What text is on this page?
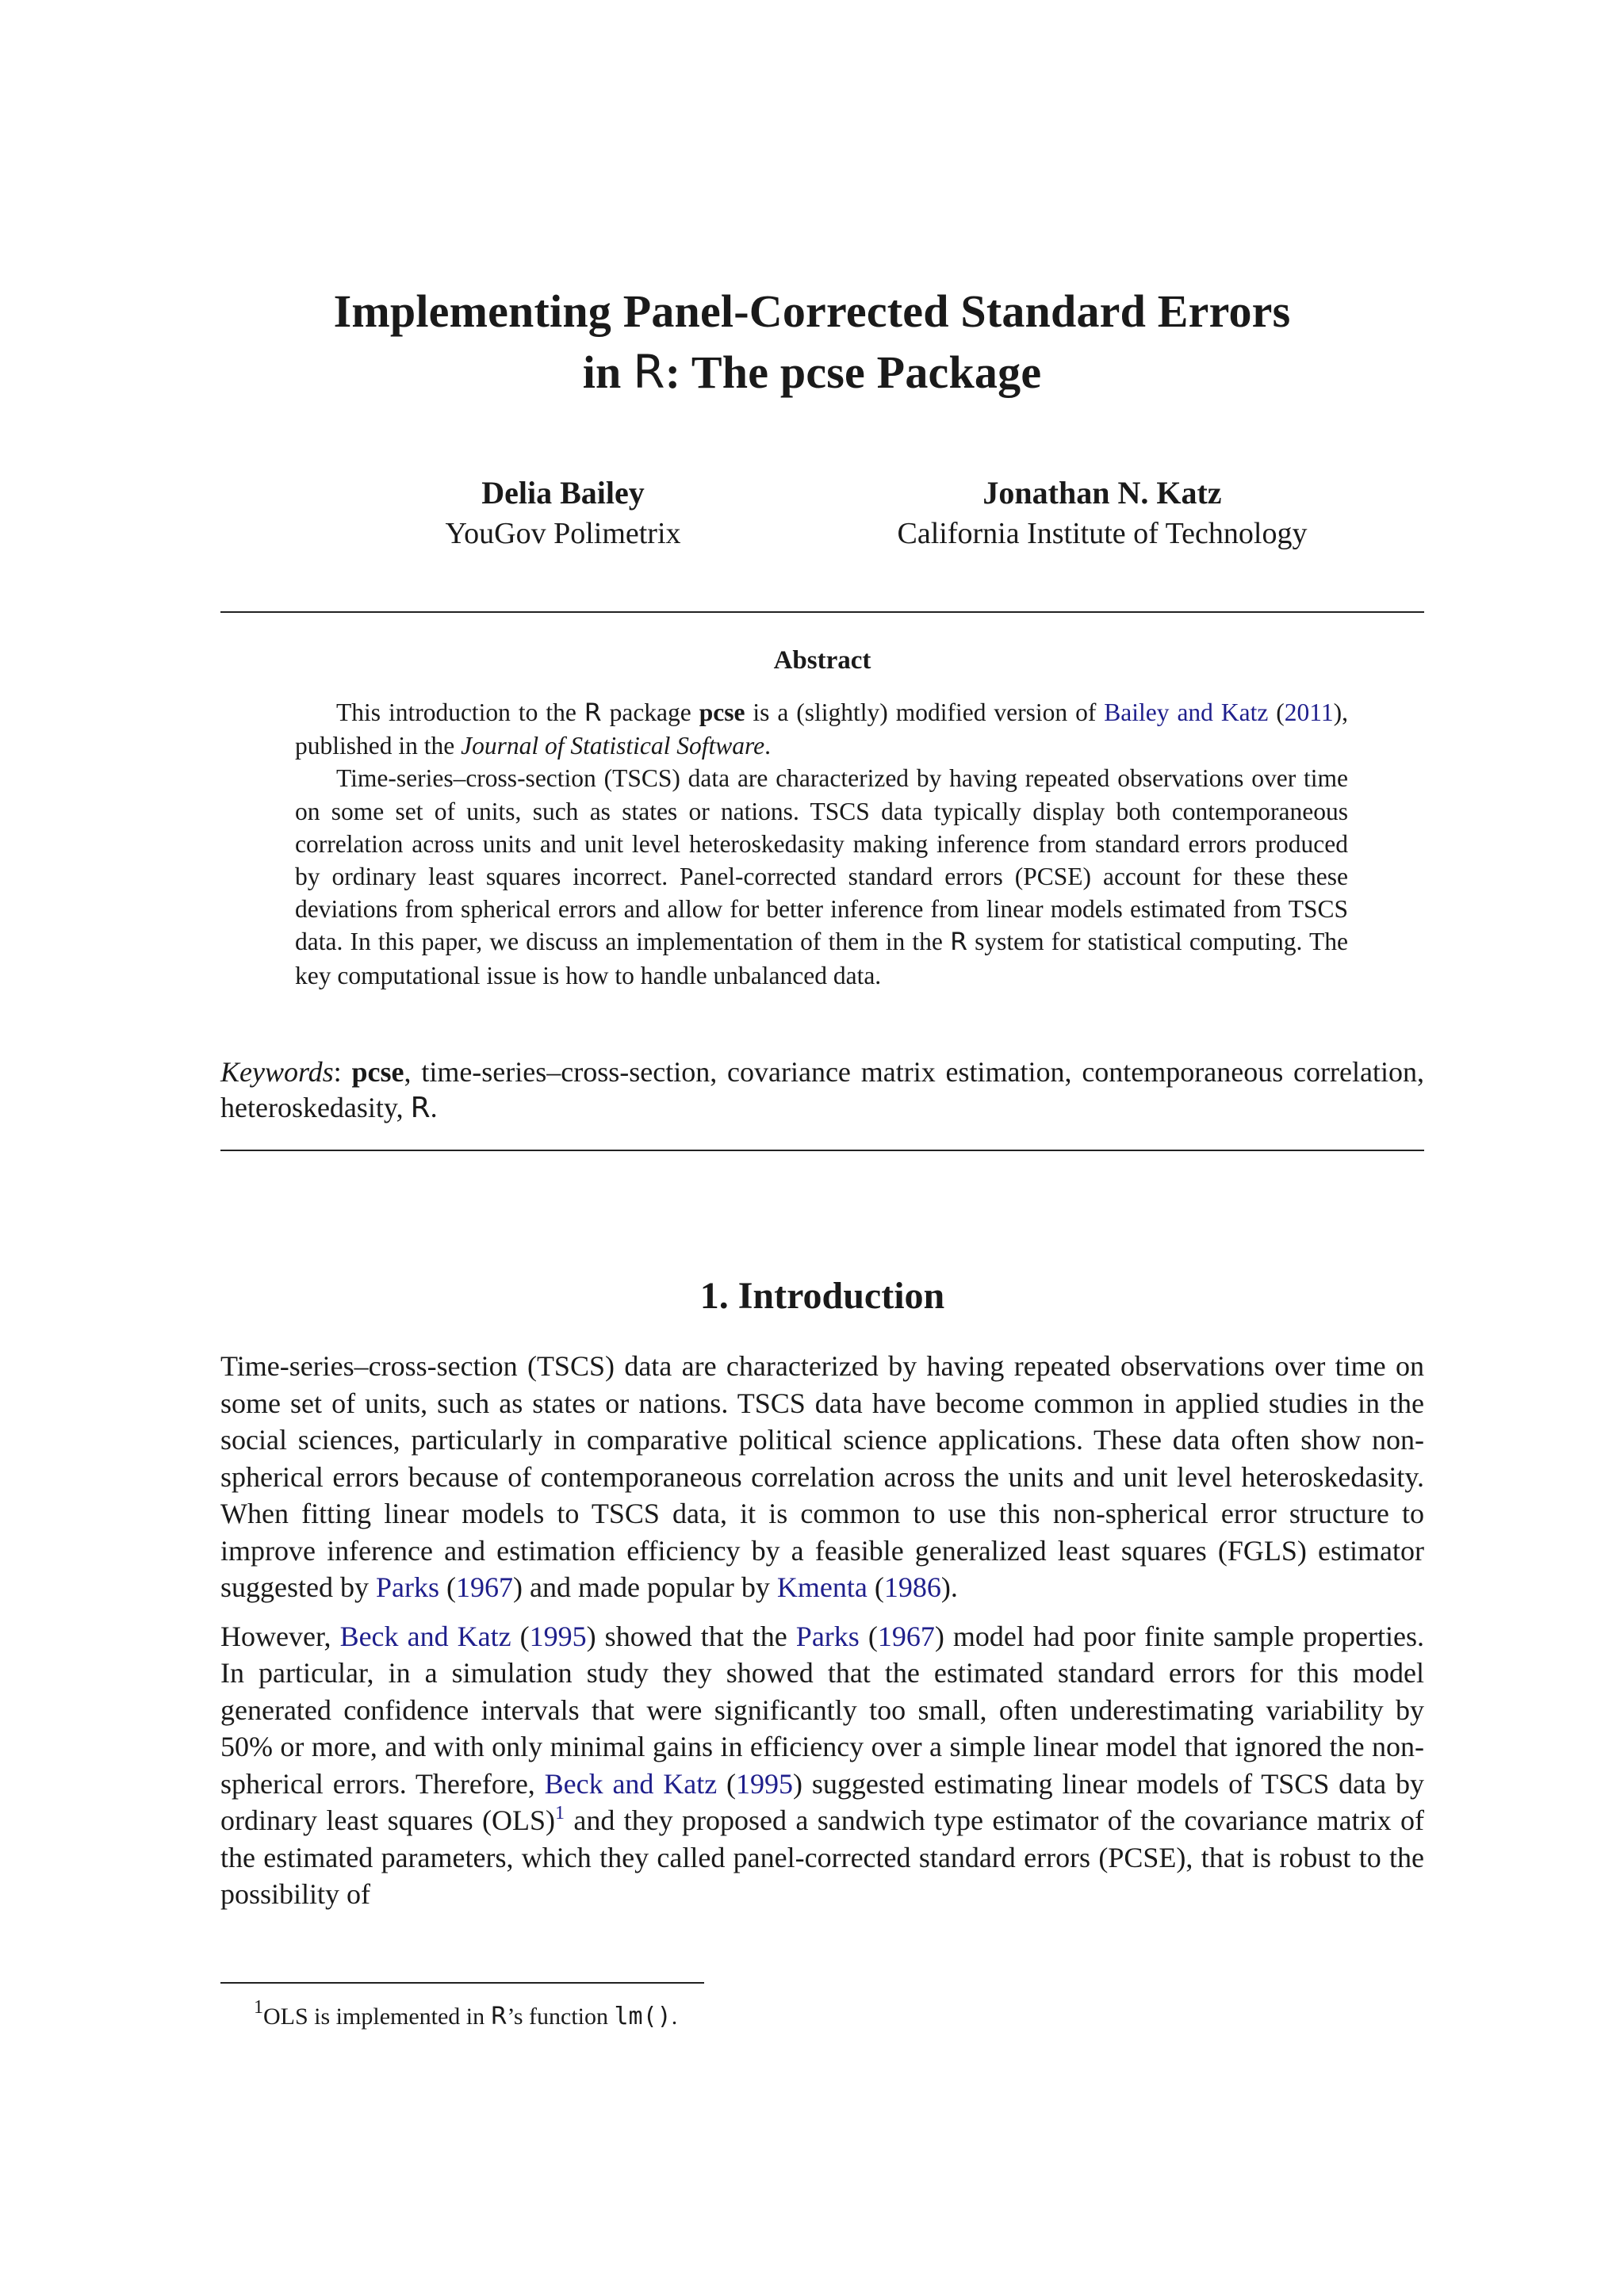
Implementing Panel-Corrected Standard Errors
in R: The pcse Package
Delia Bailey
YouGov Polimetrix
Jonathan N. Katz
California Institute of Technology
Abstract

This introduction to the R package pcse is a (slightly) modified version of Bailey and Katz (2011), published in the Journal of Statistical Software.

Time-series–cross-section (TSCS) data are characterized by having repeated observations over time on some set of units, such as states or nations. TSCS data typically display both contemporaneous correlation across units and unit level heteroskedasity making inference from standard errors produced by ordinary least squares incorrect. Panel-corrected standard errors (PCSE) account for these these deviations from spherical errors and allow for better inference from linear models estimated from TSCS data. In this paper, we discuss an implementation of them in the R system for statistical computing. The key computational issue is how to handle unbalanced data.

Keywords: pcse, time-series–cross-section, covariance matrix estimation, contemporaneous correlation, heteroskedasity, R.
1. Introduction

Time-series–cross-section (TSCS) data are characterized by having repeated observations over time on some set of units, such as states or nations. TSCS data have become common in applied studies in the social sciences, particularly in comparative political science applications. These data often show non-spherical errors because of contemporaneous correlation across the units and unit level heteroskedasity. When fitting linear models to TSCS data, it is common to use this non-spherical error structure to improve inference and estimation efficiency by a feasible generalized least squares (FGLS) estimator suggested by Parks (1967) and made popular by Kmenta (1986).

However, Beck and Katz (1995) showed that the Parks (1967) model had poor finite sample properties. In particular, in a simulation study they showed that the estimated standard errors for this model generated confidence intervals that were significantly too small, often underestimating variability by 50% or more, and with only minimal gains in efficiency over a simple linear model that ignored the non-spherical errors. Therefore, Beck and Katz (1995) suggested estimating linear models of TSCS data by ordinary least squares (OLS)$^1$ and they proposed a sandwich type estimator of the covariance matrix of the estimated parameters, which they called panel-corrected standard errors (PCSE), that is robust to the possibility of

$^1$OLS is implemented in R’s function lm().
